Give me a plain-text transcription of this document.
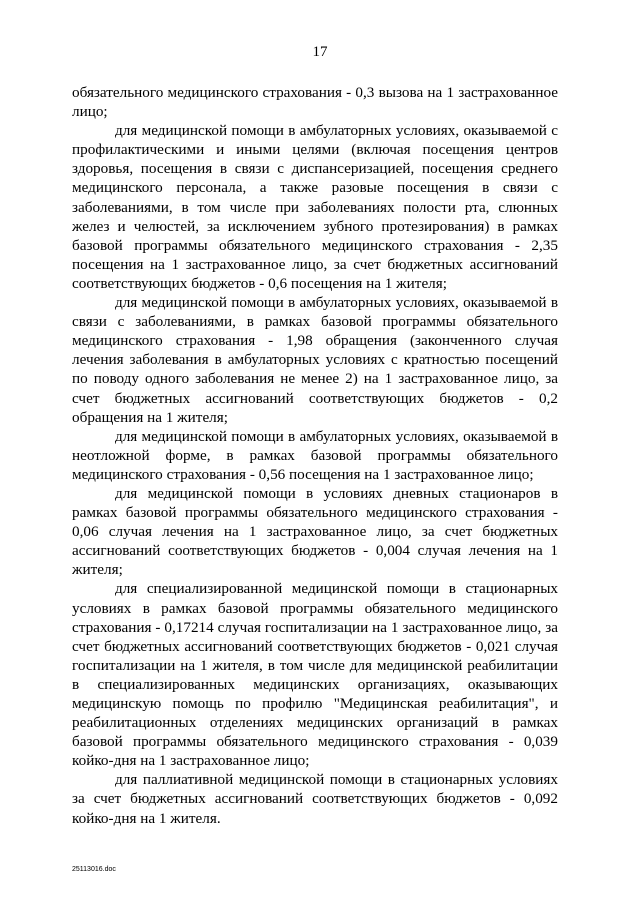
17

обязательного медицинского страхования - 0,3 вызова на 1 застрахованное лицо;

для медицинской помощи в амбулаторных условиях, оказываемой с профилактическими и иными целями (включая посещения центров здоровья, посещения в связи с диспансеризацией, посещения среднего медицинского персонала, а также разовые посещения в связи с заболеваниями, в том числе при заболеваниях полости рта, слюнных желез и челюстей, за исключением зубного протезирования) в рамках базовой программы обязательного медицинского страхования - 2,35 посещения на 1 застрахованное лицо, за счет бюджетных ассигнований соответствующих бюджетов - 0,6 посещения на 1 жителя;

для медицинской помощи в амбулаторных условиях, оказываемой в связи с заболеваниями, в рамках базовой программы обязательного медицинского страхования - 1,98 обращения (законченного случая лечения заболевания в амбулаторных условиях с кратностью посещений по поводу одного заболевания не менее 2) на 1 застрахованное лицо, за счет бюджетных ассигнований соответствующих бюджетов - 0,2 обращения на 1 жителя;

для медицинской помощи в амбулаторных условиях, оказываемой в неотложной форме, в рамках базовой программы обязательного медицинского страхования - 0,56 посещения на 1 застрахованное лицо;

для медицинской помощи в условиях дневных стационаров в рамках базовой программы обязательного медицинского страхования - 0,06 случая лечения на 1 застрахованное лицо, за счет бюджетных ассигнований соответствующих бюджетов - 0,004 случая лечения на 1 жителя;

для специализированной медицинской помощи в стационарных условиях в рамках базовой программы обязательного медицинского страхования - 0,17214 случая госпитализации на 1 застрахованное лицо, за счет бюджетных ассигнований соответствующих бюджетов - 0,021 случая госпитализации на 1 жителя, в том числе для медицинской реабилитации в специализированных медицинских организациях, оказывающих медицинскую помощь по профилю "Медицинская реабилитация", и реабилитационных отделениях медицинских организаций в рамках базовой программы обязательного медицинского страхования - 0,039 койко-дня на 1 застрахованное лицо;

для паллиативной медицинской помощи в стационарных условиях за счет бюджетных ассигнований соответствующих бюджетов - 0,092 койко-дня на 1 жителя.

25113016.doc
